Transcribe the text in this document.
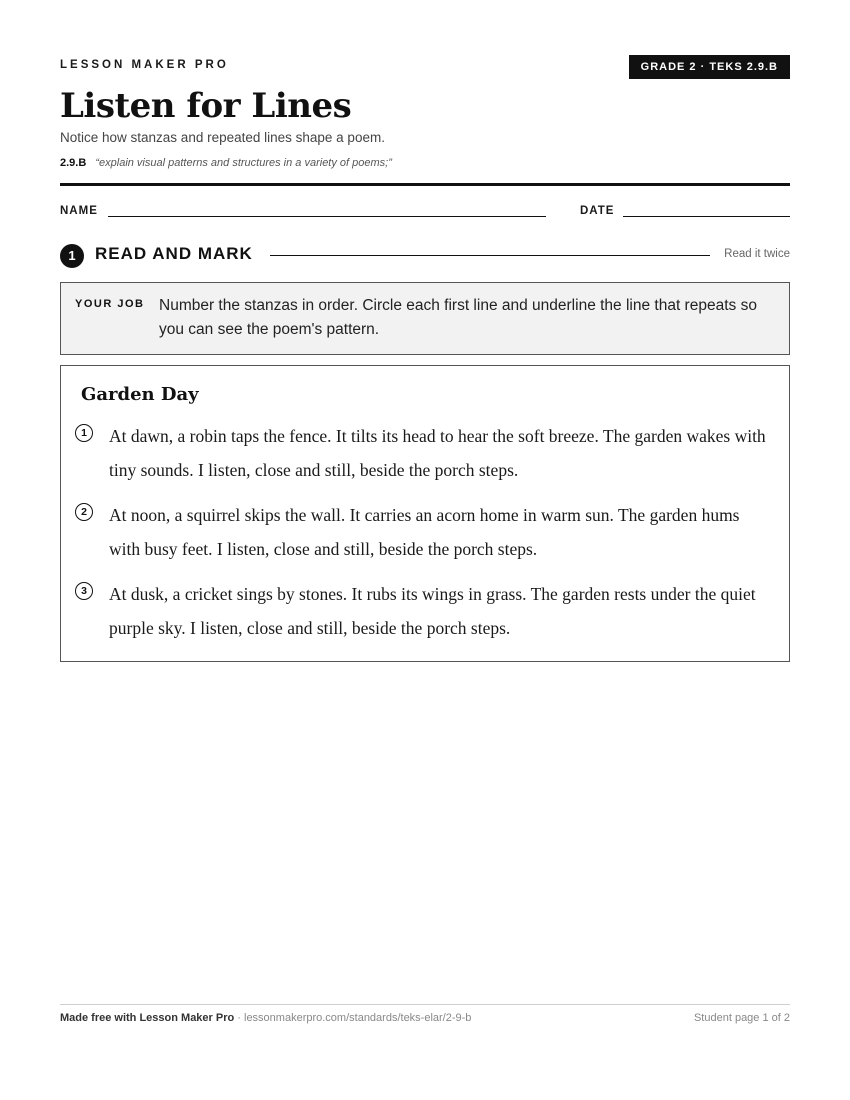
LESSON MAKER PRO	GRADE 2 · TEKS 2.9.B
Listen for Lines
Notice how stanzas and repeated lines shape a poem.
2.9.B “explain visual patterns and structures in a variety of poems;”
NAME	DATE
1	READ AND MARK	Read it twice
YOUR JOB Number the stanzas in order. Circle each first line and underline the line that repeats so you can see the poem's pattern.
Garden Day
1	At dawn, a robin taps the fence. It tilts its head to hear the soft breeze. The garden wakes with tiny sounds. I listen, close and still, beside the porch steps.
2	At noon, a squirrel skips the wall. It carries an acorn home in warm sun. The garden hums with busy feet. I listen, close and still, beside the porch steps.
3	At dusk, a cricket sings by stones. It rubs its wings in grass. The garden rests under the quiet purple sky. I listen, close and still, beside the porch steps.
Made free with Lesson Maker Pro · lessonmakerpro.com/standards/teks-elar/2-9-b	Student page 1 of 2
